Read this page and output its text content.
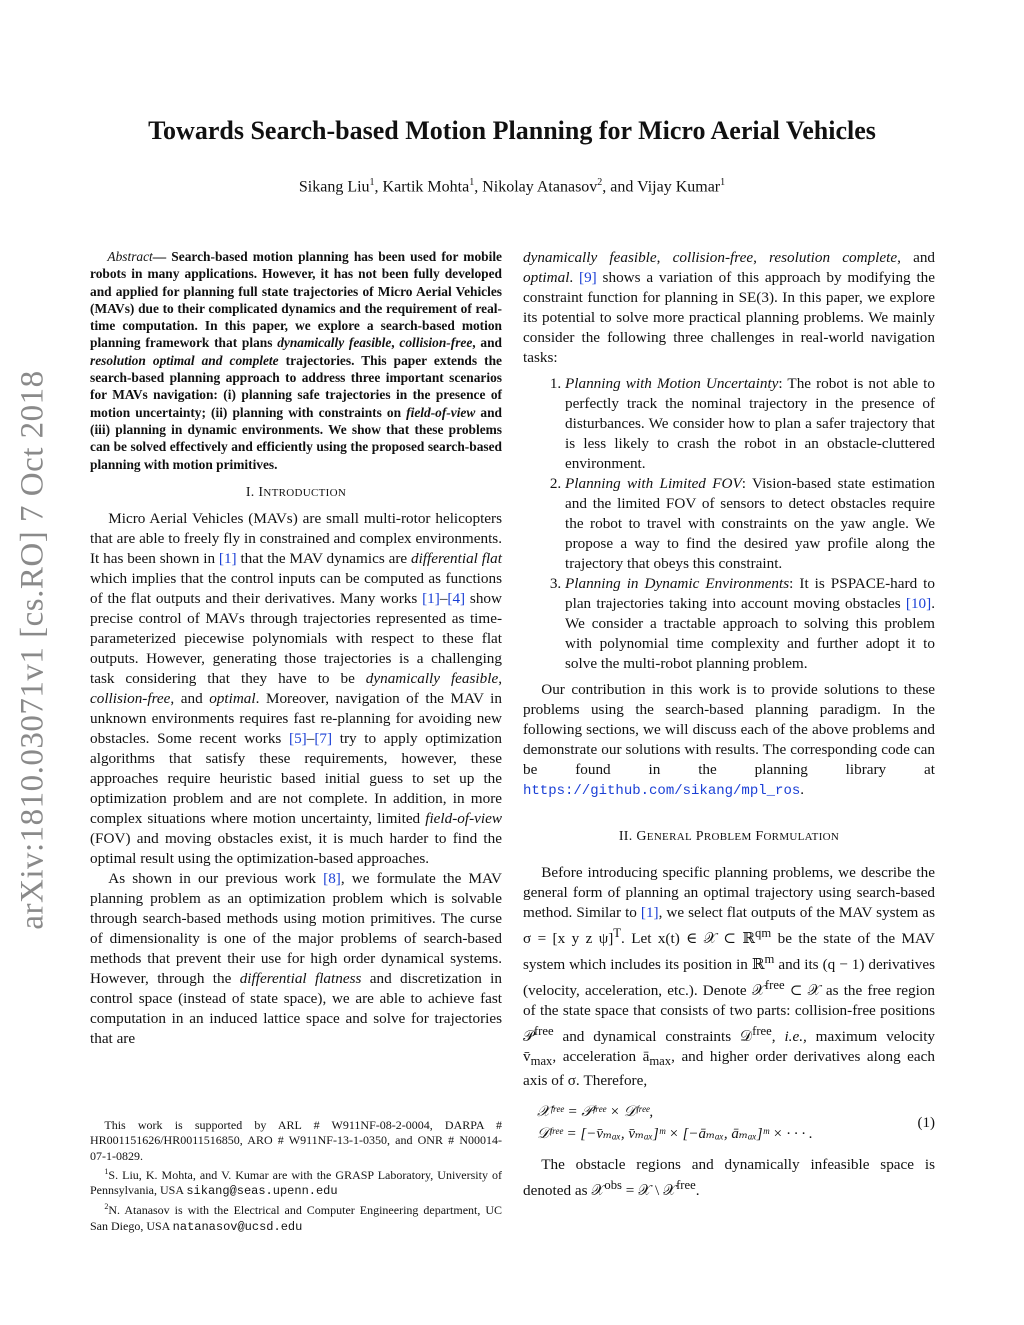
arXiv:1810.03071v1 [cs.RO] 7 Oct 2018
Towards Search-based Motion Planning for Micro Aerial Vehicles
Sikang Liu$^1$, Kartik Mohta$^1$, Nikolay Atanasov$^2$, and Vijay Kumar$^1$

Abstract— Search-based motion planning has been used for mobile robots in many applications. However, it has not been fully developed and applied for planning full state trajectories of Micro Aerial Vehicles (MAVs) due to their complicated dynamics and the requirement of real-time computation. In this paper, we explore a search-based motion planning framework that plans dynamically feasible, collision-free, and resolution optimal and complete trajectories. This paper extends the search-based planning approach to address three important scenarios for MAVs navigation: (i) planning safe trajectories in the presence of motion uncertainty; (ii) planning with constraints on field-of-view and (iii) planning in dynamic environments. We show that these problems can be solved effectively and efficiently using the proposed search-based planning with motion primitives.

I. INTRODUCTION

Micro Aerial Vehicles (MAVs) are small multi-rotor helicopters that are able to freely fly in constrained and complex environments. It has been shown in [1] that the MAV dynamics are differential flat which implies that the control inputs can be computed as functions of the flat outputs and their derivatives. Many works [1]–[4] show precise control of MAVs through trajectories represented as time-parameterized piecewise polynomials with respect to these flat outputs. However, generating those trajectories is a challenging task considering that they have to be dynamically feasible, collision-free, and optimal. Moreover, navigation of the MAV in unknown environments requires fast re-planning for avoiding new obstacles. Some recent works [5]–[7] try to apply optimization algorithms that satisfy these requirements, however, these approaches require heuristic based initial guess to set up the optimization problem and are not complete. In addition, in more complex situations where motion uncertainty, limited field-of-view (FOV) and moving obstacles exist, it is much harder to find the optimal result using the optimization-based approaches.

As shown in our previous work [8], we formulate the MAV planning problem as an optimization problem which is solvable through search-based methods using motion primitives. The curse of dimensionality is one of the major problems of search-based methods that prevent their use for high order dynamical systems. However, through the differential flatness and discretization in control space (instead of state space), we are able to achieve fast computation in an induced lattice space and solve for trajectories that are

This work is supported by ARL # W911NF-08-2-0004, DARPA # HR001151626/HR0011516850, ARO # W911NF-13-1-0350, and ONR # N00014-07-1-0829.

$^1$S. Liu, K. Mohta, and V. Kumar are with the GRASP Laboratory, University of Pennsylvania, USA sikang@seas.upenn.edu

$^2$N. Atanasov is with the Electrical and Computer Engineering department, UC San Diego, USA natanasov@ucsd.edu

dynamically feasible, collision-free, resolution complete, and optimal. [9] shows a variation of this approach by modifying the constraint function for planning in SE(3). In this paper, we explore its potential to solve more practical planning problems. We mainly consider the following three challenges in real-world navigation tasks:

1. Planning with Motion Uncertainty: The robot is not able to perfectly track the nominal trajectory in the presence of disturbances. We consider how to plan a safer trajectory that is less likely to crash the robot in an obstacle-cluttered environment.
2. Planning with Limited FOV: Vision-based state estimation and the limited FOV of sensors to detect obstacles require the robot to travel with constraints on the yaw angle. We propose a way to find the desired yaw profile along the trajectory that obeys this constraint.
3. Planning in Dynamic Environments: It is PSPACE-hard to plan trajectories taking into account moving obstacles [10]. We consider a tractable approach to solving this problem with polynomial time complexity and further adopt it to solve the multi-robot planning problem.

Our contribution in this work is to provide solutions to these problems using the search-based planning paradigm. In the following sections, we will discuss each of the above problems and demonstrate our solutions with results. The corresponding code can be found in the planning library at https://github.com/sikang/mpl_ros.

II. GENERAL PROBLEM FORMULATION

Before introducing specific planning problems, we describe the general form of planning an optimal trajectory using search-based method. Similar to [1], we select flat outputs of the MAV system as σ = [x y z ψ]$^T$. Let x(t) ∈ 𝒳 ⊂ ℝ$^{qm}$ be the state of the MAV system which includes its position in ℝ$^m$ and its (q − 1) derivatives (velocity, acceleration, etc.). Denote 𝒳$^{free}$ ⊂ 𝒳 as the free region of the state space that consists of two parts: collision-free positions 𝒫$^{free}$ and dynamical constraints 𝒟$^{free}$, i.e., maximum velocity $v̄_{max}$, acceleration $ā_{max}$, and higher order derivatives along each axis of σ. Therefore,

𝒳ᶠʳᵉᵉ = 𝒫ᶠʳᵉᵉ × 𝒟ᶠʳᵉᵉ,
𝒟ᶠʳᵉᵉ = [−v̄ₘₐₓ, v̄ₘₐₓ]ᵐ × [−āₘₐₓ, āₘₐₓ]ᵐ × · · · .
(1)

The obstacle regions and dynamically infeasible space is denoted as 𝒳$^{obs}$ = 𝒳 \ 𝒳$^{free}$.
